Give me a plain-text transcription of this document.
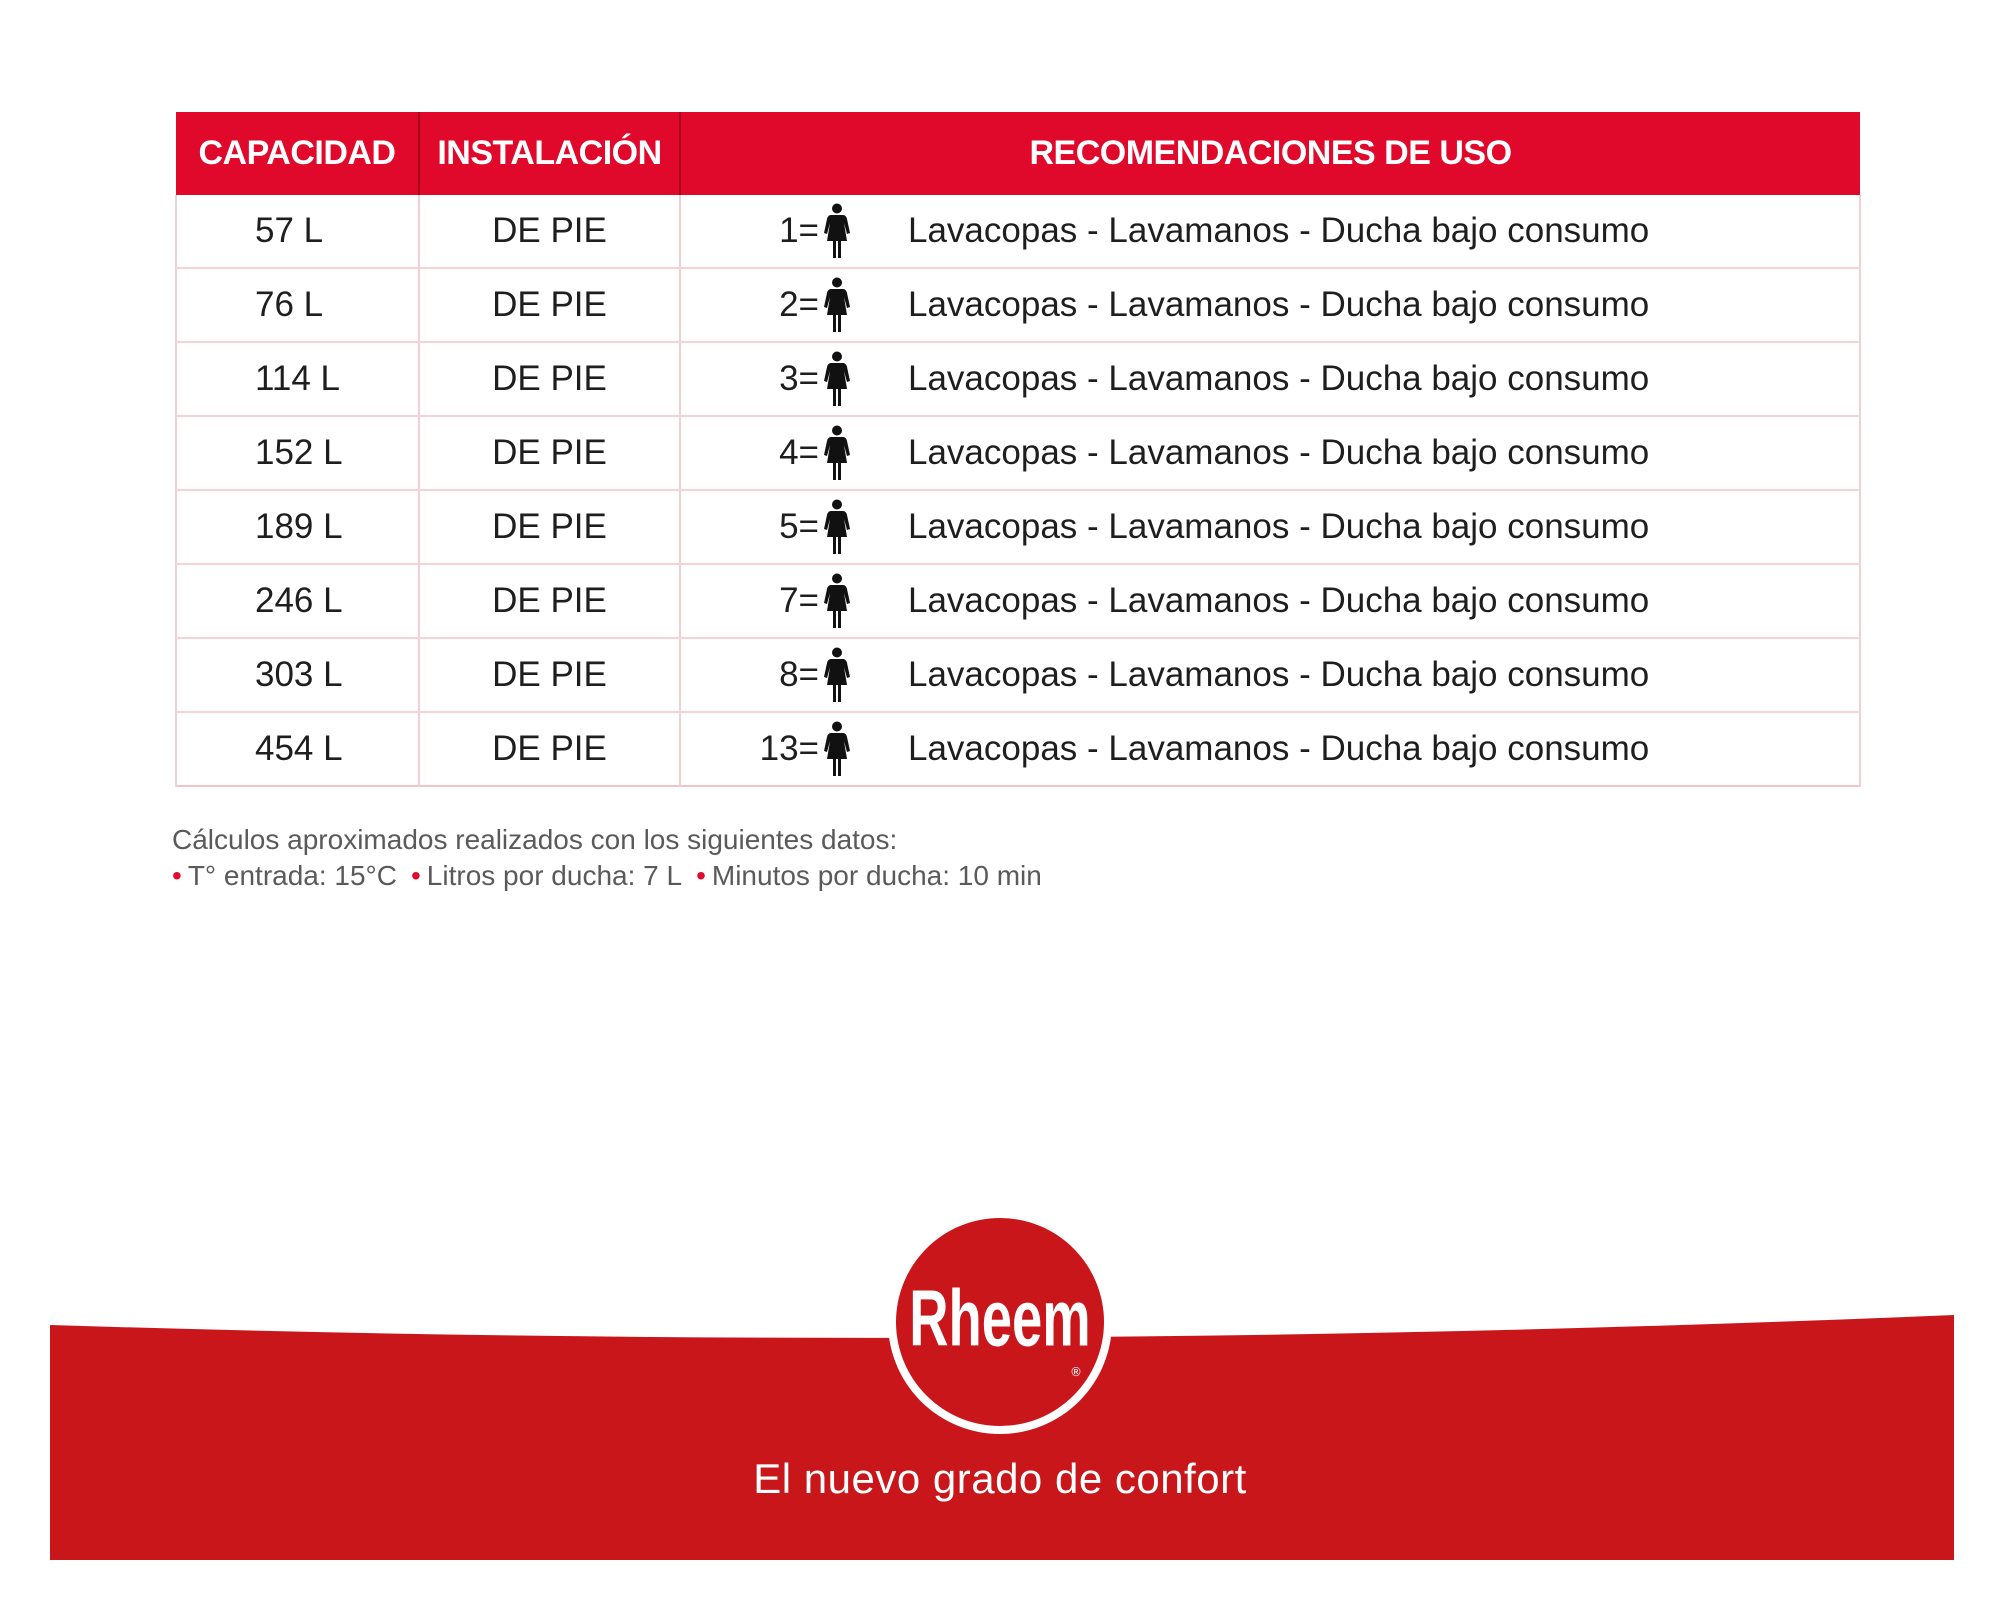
CAPACIDAD	INSTALACIÓN	RECOMENDACIONES DE USO
57 L	DE PIE	1= Lavacopas - Lavamanos - Ducha bajo consumo

76 L	DE PIE	2= Lavacopas - Lavamanos - Ducha bajo consumo

114 L	DE PIE	3= Lavacopas - Lavamanos - Ducha bajo consumo

152 L	DE PIE	4= Lavacopas - Lavamanos - Ducha bajo consumo

189 L	DE PIE	5= Lavacopas - Lavamanos - Ducha bajo consumo

246 L	DE PIE	7= Lavacopas - Lavamanos - Ducha bajo consumo

303 L	DE PIE	8= Lavacopas - Lavamanos - Ducha bajo consumo

454 L	DE PIE	13= Lavacopas - Lavamanos - Ducha bajo consumo
Cálculos aproximados realizados con los siguientes datos:
• T° entrada: 15°C • Litros por ducha: 7 L • Minutos por ducha: 10 min
Rheem
®
El nuevo grado de confort
